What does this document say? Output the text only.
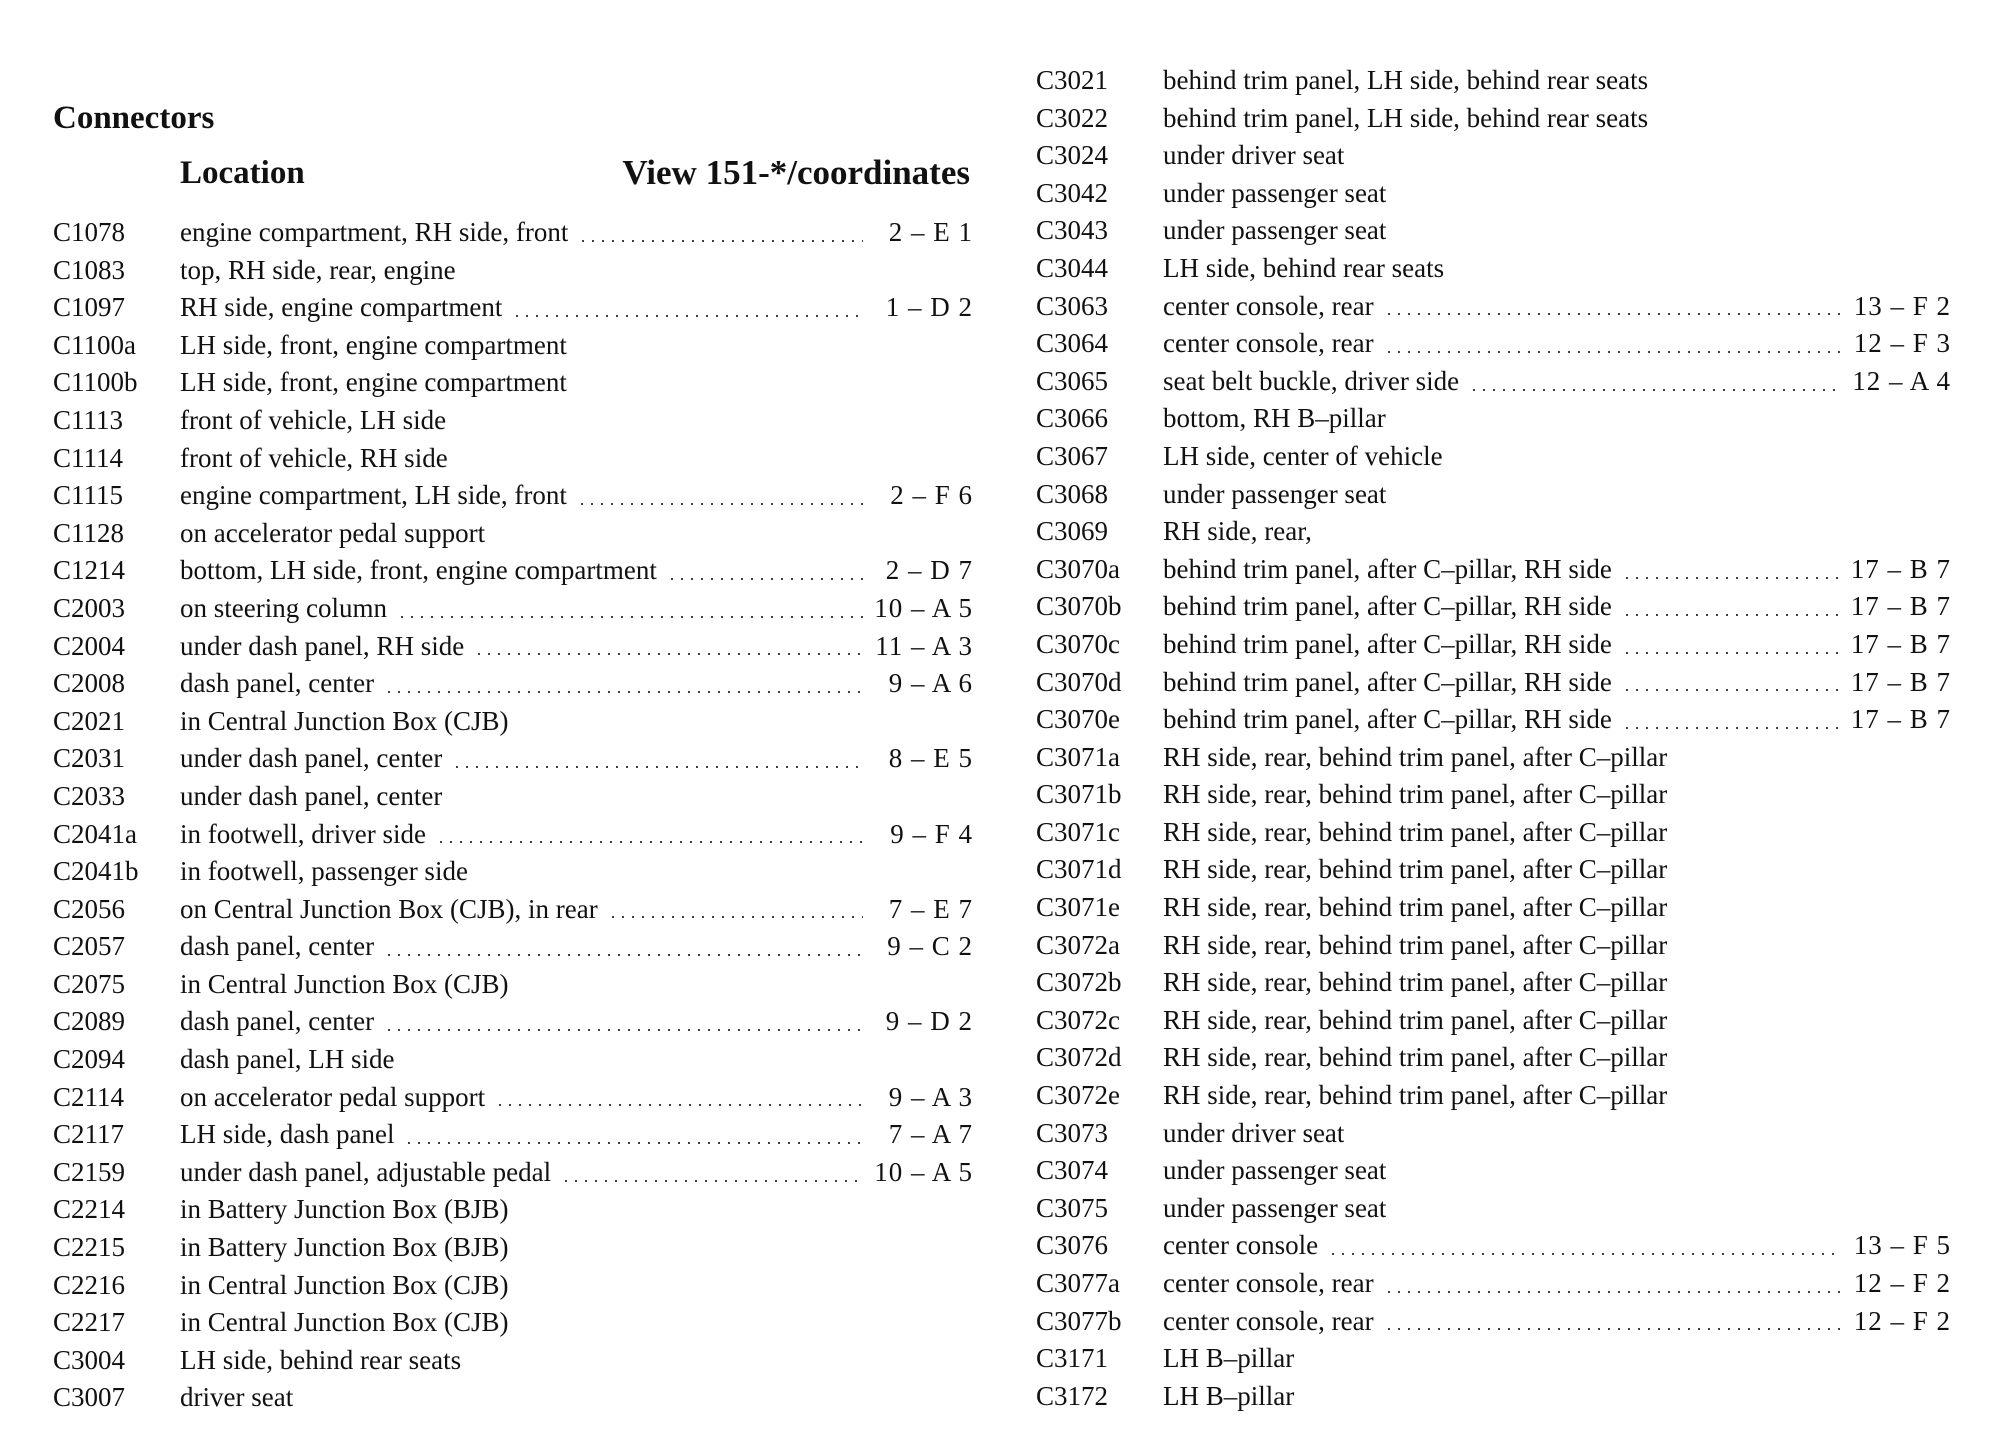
Connectors
Location	View 151-*/coordinates
C1078	engine compartment, RH side, front	2 – E 1
C1083	top, RH side, rear, engine
C1097	RH side, engine compartment	1 – D 2
C1100a	LH side, front, engine compartment
C1100b	LH side, front, engine compartment
C1113	front of vehicle, LH side
C1114	front of vehicle, RH side
C1115	engine compartment, LH side, front	2 – F 6
C1128	on accelerator pedal support
C1214	bottom, LH side, front, engine compartment	2 – D 7
C2003	on steering column	10 – A 5
C2004	under dash panel, RH side	11 – A 3
C2008	dash panel, center	9 – A 6
C2021	in Central Junction Box (CJB)
C2031	under dash panel, center	8 – E 5
C2033	under dash panel, center
C2041a	in footwell, driver side	9 – F 4
C2041b	in footwell, passenger side
C2056	on Central Junction Box (CJB), in rear	7 – E 7
C2057	dash panel, center	9 – C 2
C2075	in Central Junction Box (CJB)
C2089	dash panel, center	9 – D 2
C2094	dash panel, LH side
C2114	on accelerator pedal support	9 – A 3
C2117	LH side, dash panel	7 – A 7
C2159	under dash panel, adjustable pedal	10 – A 5
C2214	in Battery Junction Box (BJB)
C2215	in Battery Junction Box (BJB)
C2216	in Central Junction Box (CJB)
C2217	in Central Junction Box (CJB)
C3004	LH side, behind rear seats
C3007	driver seat
C3021	behind trim panel, LH side, behind rear seats
C3022	behind trim panel, LH side, behind rear seats
C3024	under driver seat
C3042	under passenger seat
C3043	under passenger seat
C3044	LH side, behind rear seats
C3063	center console, rear	13 – F 2
C3064	center console, rear	12 – F 3
C3065	seat belt buckle, driver side	12 – A 4
C3066	bottom, RH B–pillar
C3067	LH side, center of vehicle
C3068	under passenger seat
C3069	RH side, rear,
C3070a	behind trim panel, after C–pillar, RH side	17 – B 7
C3070b	behind trim panel, after C–pillar, RH side	17 – B 7
C3070c	behind trim panel, after C–pillar, RH side	17 – B 7
C3070d	behind trim panel, after C–pillar, RH side	17 – B 7
C3070e	behind trim panel, after C–pillar, RH side	17 – B 7
C3071a	RH side, rear, behind trim panel, after C–pillar
C3071b	RH side, rear, behind trim panel, after C–pillar
C3071c	RH side, rear, behind trim panel, after C–pillar
C3071d	RH side, rear, behind trim panel, after C–pillar
C3071e	RH side, rear, behind trim panel, after C–pillar
C3072a	RH side, rear, behind trim panel, after C–pillar
C3072b	RH side, rear, behind trim panel, after C–pillar
C3072c	RH side, rear, behind trim panel, after C–pillar
C3072d	RH side, rear, behind trim panel, after C–pillar
C3072e	RH side, rear, behind trim panel, after C–pillar
C3073	under driver seat
C3074	under passenger seat
C3075	under passenger seat
C3076	center console	13 – F 5
C3077a	center console, rear	12 – F 2
C3077b	center console, rear	12 – F 2
C3171	LH B–pillar
C3172	LH B–pillar
